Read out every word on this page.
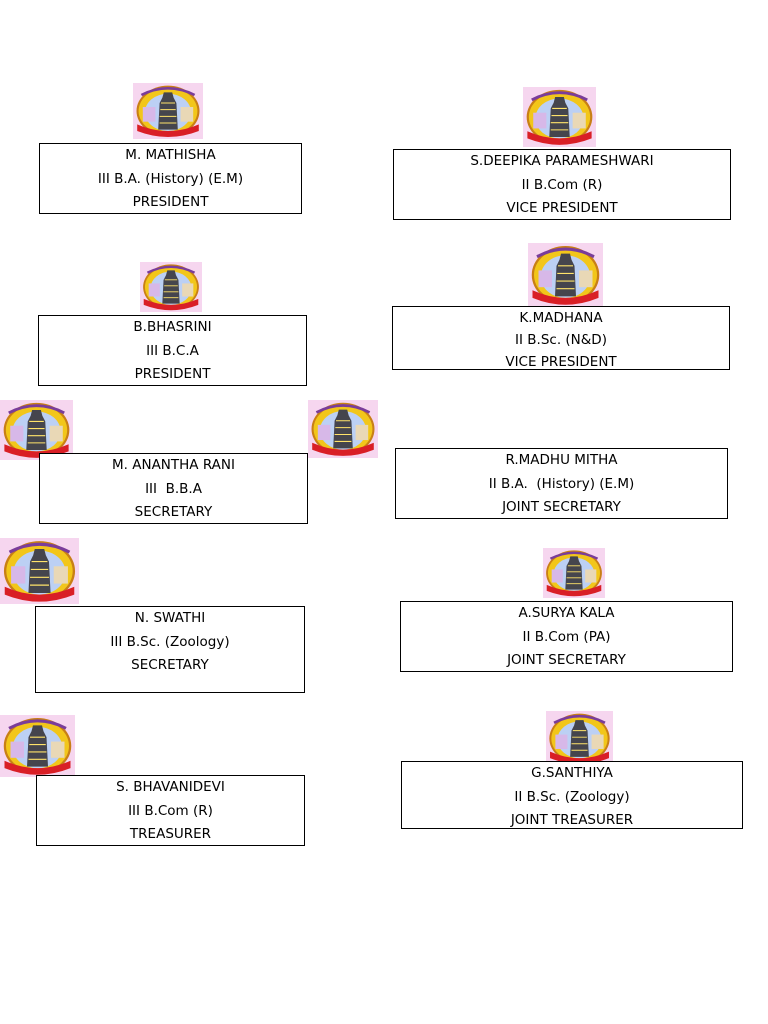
M. MATHISHA
III B.A. (History) (E.M)
PRESIDENT
S.DEEPIKA PARAMESHWARI
II B.Com (R)
VICE PRESIDENT
B.BHASRINI
III B.C.A
PRESIDENT
K.MADHANA
II B.Sc. (N&D)
VICE PRESIDENT
M. ANANTHA RANI
III  B.B.A
SECRETARY
R.MADHU MITHA
II B.A.  (History) (E.M)
JOINT SECRETARY
N. SWATHI
III B.Sc. (Zoology)
SECRETARY
A.SURYA KALA
II B.Com (PA)
JOINT SECRETARY
S. BHAVANIDEVI
III B.Com (R)
TREASURER
G.SANTHIYA
II B.Sc. (Zoology)
JOINT TREASURER
